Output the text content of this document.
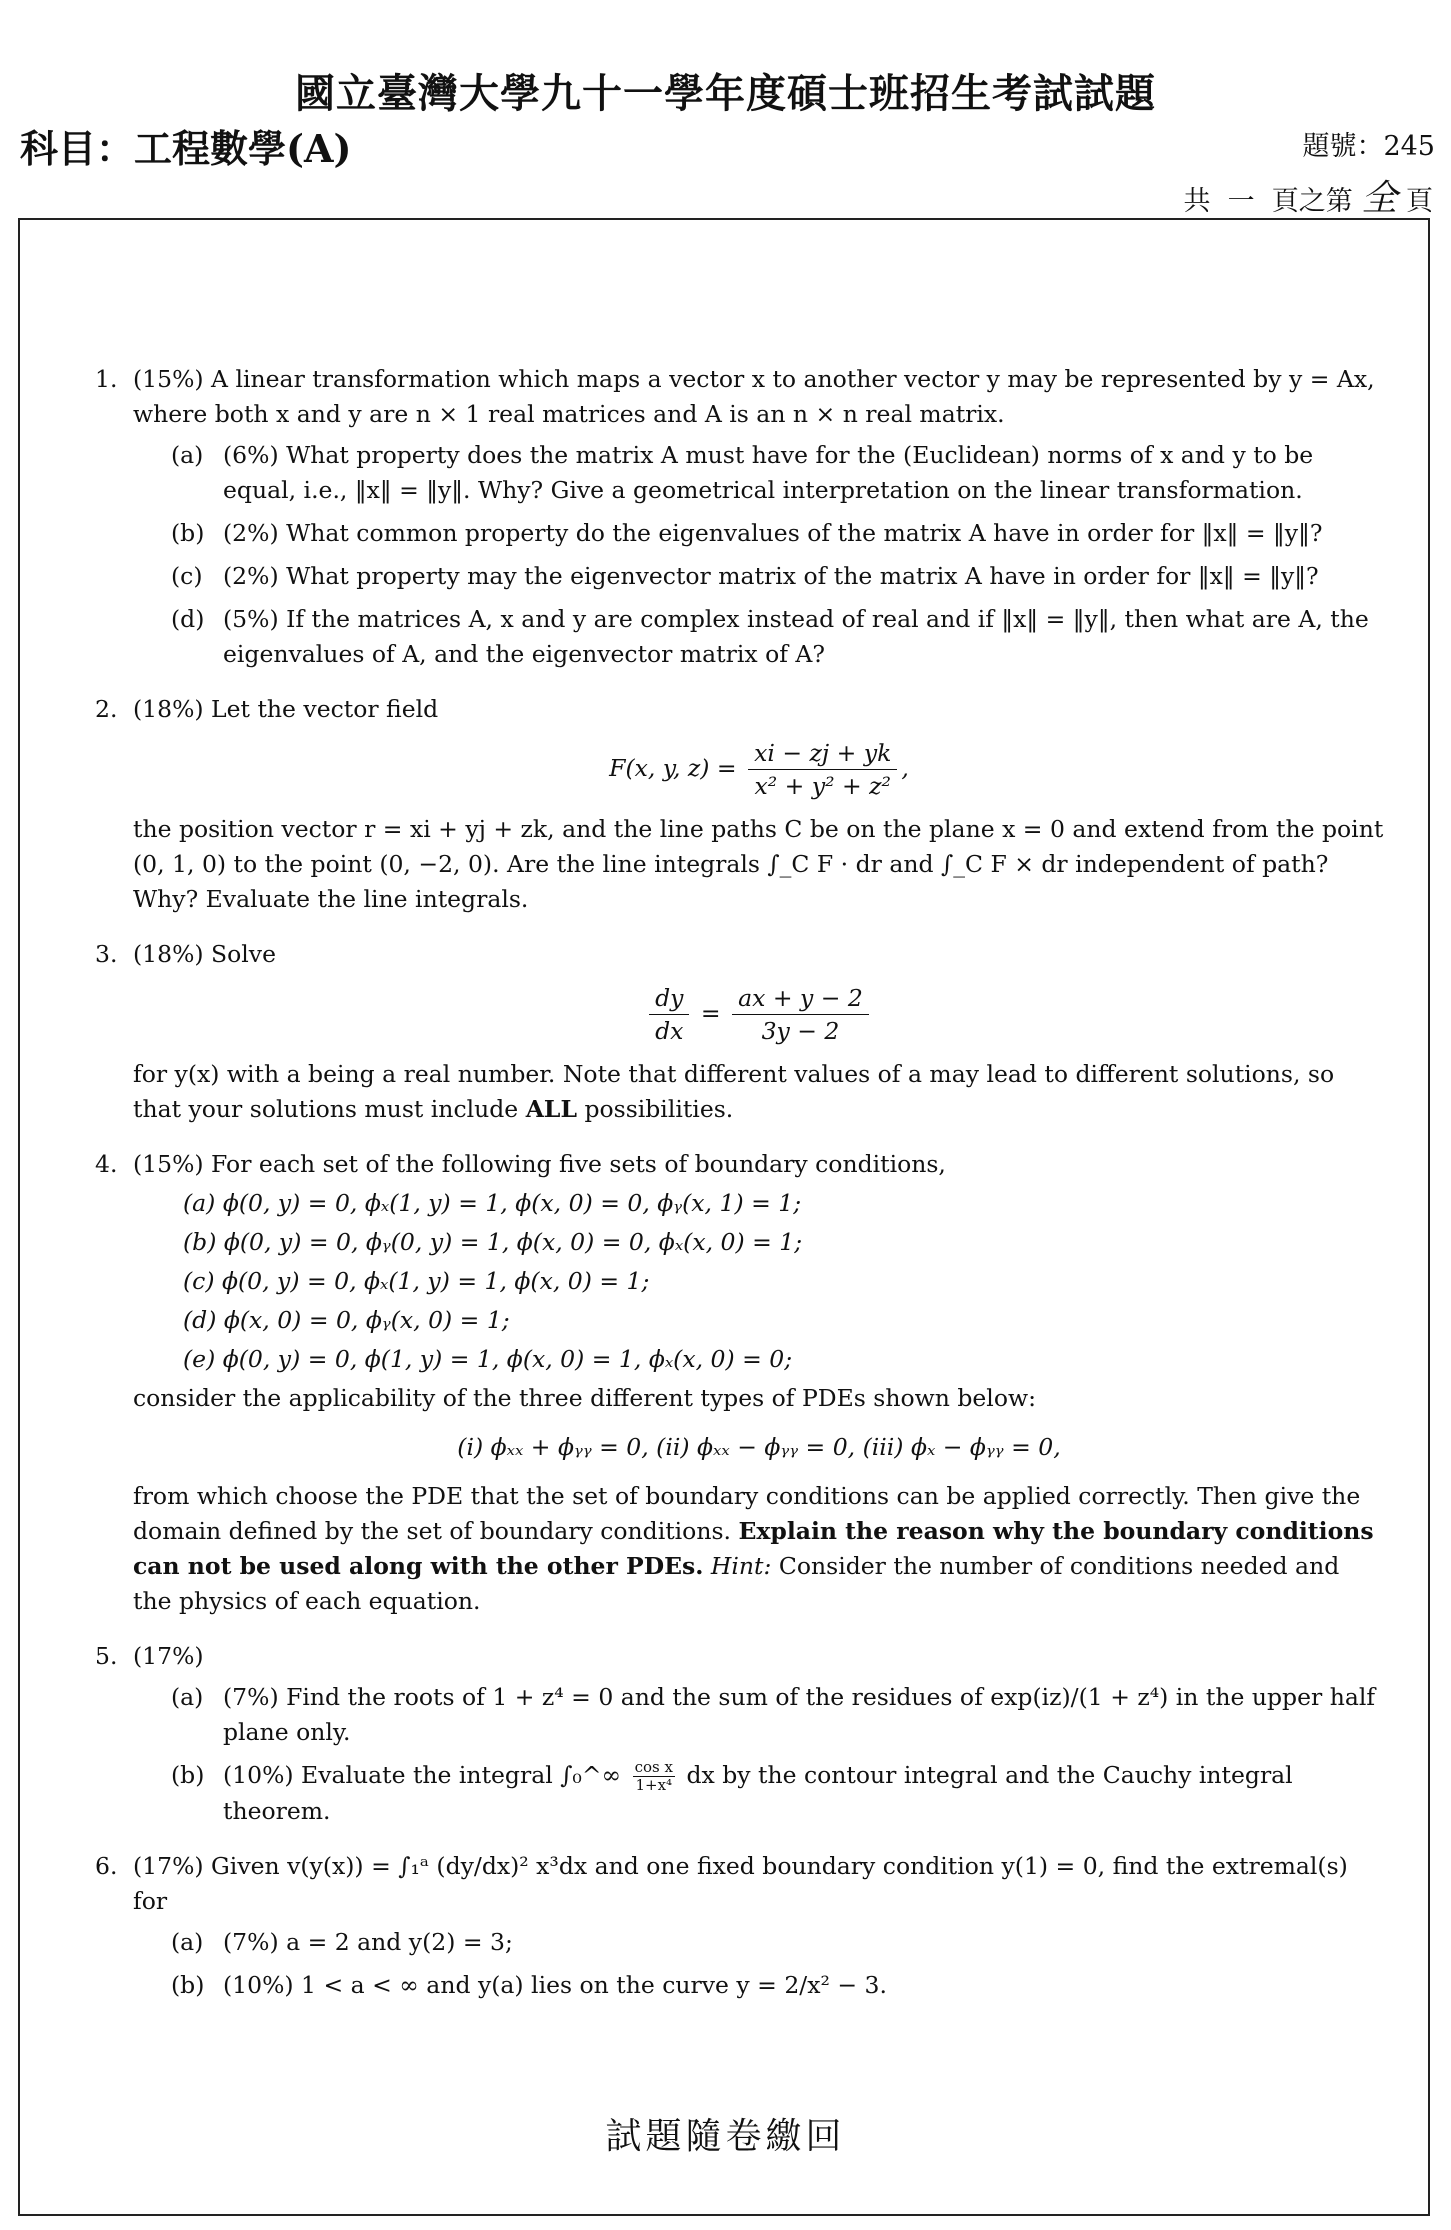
國立臺灣大學九十一學年度碩士班招生考試試題
科目：工程數學(A)	題號：245
共  一  頁之第 全 頁
1. (15%) A linear transformation which maps a vector x to another vector y may be represented by y = Ax, where both x and y are n × 1 real matrices and A is an n × n real matrix.
(a) (6%) What property does the matrix A must have for the (Euclidean) norms of x and y to be equal, i.e., ‖x‖ = ‖y‖. Why? Give a geometrical interpretation on the linear transformation.
(b) (2%) What common property do the eigenvalues of the matrix A have in order for ‖x‖ = ‖y‖?
(c) (2%) What property may the eigenvector matrix of the matrix A have in order for ‖x‖ = ‖y‖?
(d) (5%) If the matrices A, x and y are complex instead of real and if ‖x‖ = ‖y‖, then what are A, the eigenvalues of A, and the eigenvector matrix of A?
2. (18%) Let the vector field
F(x, y, $z) = \frac{xi - zj + yk}{\text{x² + y² + z²}}$ ,
the position vector r = xi + yj + zk, and the line paths C be on the plane x = 0 and extend from the point (0, 1, 0) to the point (0, −2, 0). Are the line integrals ∫_C F · dr and ∫_C F × dr independent of path? Why? Evaluate the line integrals.
3. (18%) Solve
$\frac{dy}{dx} = \frac{ax + y - 2}{3y - 2}$
for y(x) with a being a real number. Note that different values of a may lead to different solutions, so that your solutions must include ALL possibilities.
4. (15%) For each set of the following five sets of boundary conditions,
(a) ϕ(0, y) = 0, ϕₓ(1, y) = 1, ϕ(x, 0) = 0, ϕᵧ(x, 1) = 1;
(b) ϕ(0, y) = 0, ϕᵧ(0, y) = 1, ϕ(x, 0) = 0, ϕₓ(x, 0) = 1;
(c) ϕ(0, y) = 0, ϕₓ(1, y) = 1, ϕ(x, 0) = 1;
(d) ϕ(x, 0) = 0, ϕᵧ(x, 0) = 1;
(e) ϕ(0, y) = 0, ϕ(1, y) = 1, ϕ(x, 0) = 1, ϕₓ(x, 0) = 0;
consider the applicability of the three different types of PDEs shown below:
(i) ϕₓₓ + ϕᵧᵧ = 0, (ii) ϕₓₓ − ϕᵧᵧ = 0, (iii) ϕₓ − ϕᵧᵧ = 0,
from which choose the PDE that the set of boundary conditions can be applied correctly. Then give the domain defined by the set of boundary conditions. Explain the reason why the boundary conditions can not be used along with the other PDEs. Hint: Consider the number of conditions needed and the physics of each equation.
5. (17%)
(a) (7%) Find the roots of 1 + z⁴ = 0 and the sum of the residues of exp(iz)/(1 + z⁴) in the upper half plane only.
(b) (10%) Evaluate the integral ∫₀^∞ $\frac{\text{cos x}}{\text{1+x⁴}}$ dx by the contour integral and the Cauchy integral theorem.
6. (17%) Given v(y(x)) = ∫₁ᵃ (dy/dx)² x³dx and one fixed boundary condition y(1) = 0, find the extremal(s) for
(a) (7%) a = 2 and y(2) = 3;
(b) (10%) 1 < a < ∞ and y(a) lies on the curve y = 2/x² − 3.
試題隨卷繳回
